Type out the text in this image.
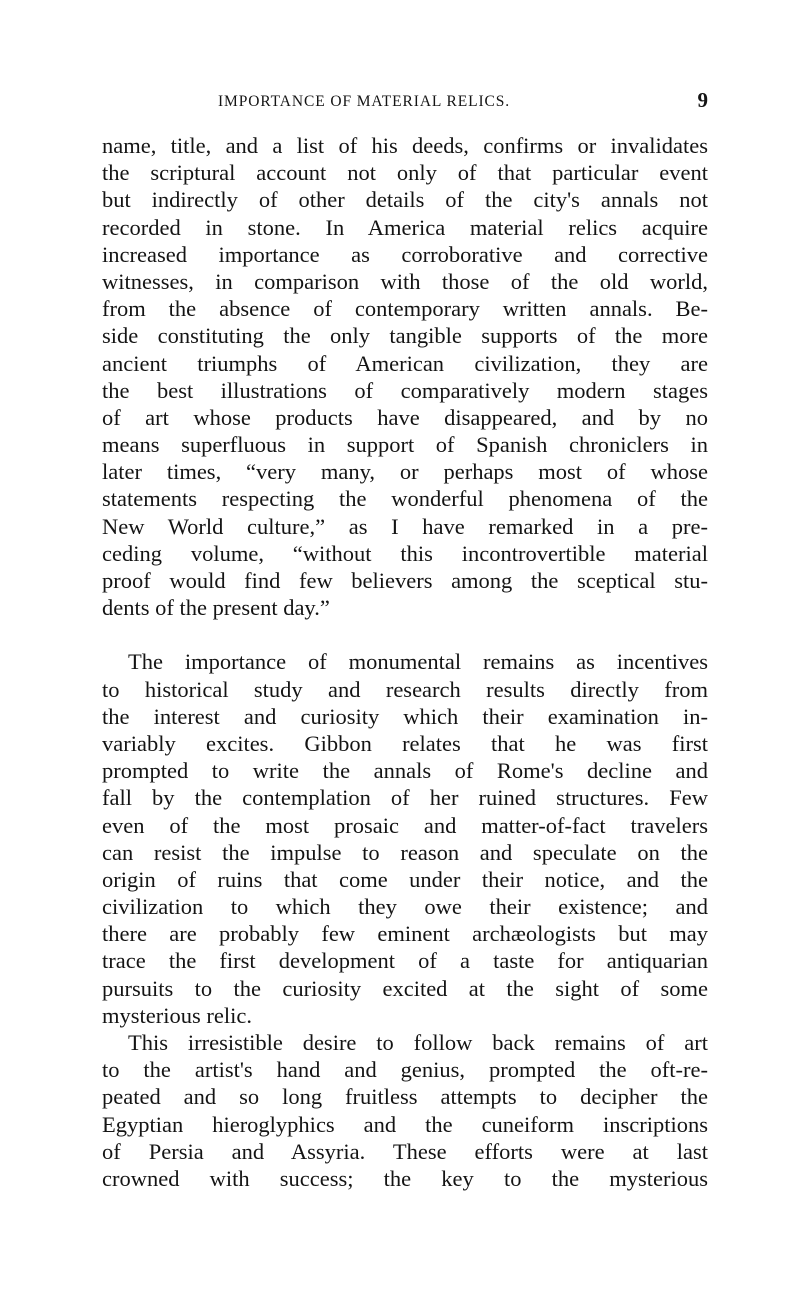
IMPORTANCE OF MATERIAL RELICS.	9
name, title, and a list of his deeds, confirms or invalidates
the scriptural account not only of that particular event
but indirectly of other details of the city's annals not
recorded in stone. In America material relics acquire
increased importance as corroborative and corrective
witnesses, in comparison with those of the old world,
from the absence of contemporary written annals. Be-
side constituting the only tangible supports of the more
ancient triumphs of American civilization, they are
the best illustrations of comparatively modern stages
of art whose products have disappeared, and by no
means superfluous in support of Spanish chroniclers in
later times, “very many, or perhaps most of whose
statements respecting the wonderful phenomena of the
New World culture,” as I have remarked in a pre-
ceding volume, “without this incontrovertible material
proof would find few believers among the sceptical stu-
dents of the present day.”
The importance of monumental remains as incentives
to historical study and research results directly from
the interest and curiosity which their examination in-
variably excites. Gibbon relates that he was first
prompted to write the annals of Rome's decline and
fall by the contemplation of her ruined structures. Few
even of the most prosaic and matter-of-fact travelers
can resist the impulse to reason and speculate on the
origin of ruins that come under their notice, and the
civilization to which they owe their existence; and
there are probably few eminent archæologists but may
trace the first development of a taste for antiquarian
pursuits to the curiosity excited at the sight of some
mysterious relic.
This irresistible desire to follow back remains of art
to the artist's hand and genius, prompted the oft-re-
peated and so long fruitless attempts to decipher the
Egyptian hieroglyphics and the cuneiform inscriptions
of Persia and Assyria. These efforts were at last
crowned with success; the key to the mysterious
